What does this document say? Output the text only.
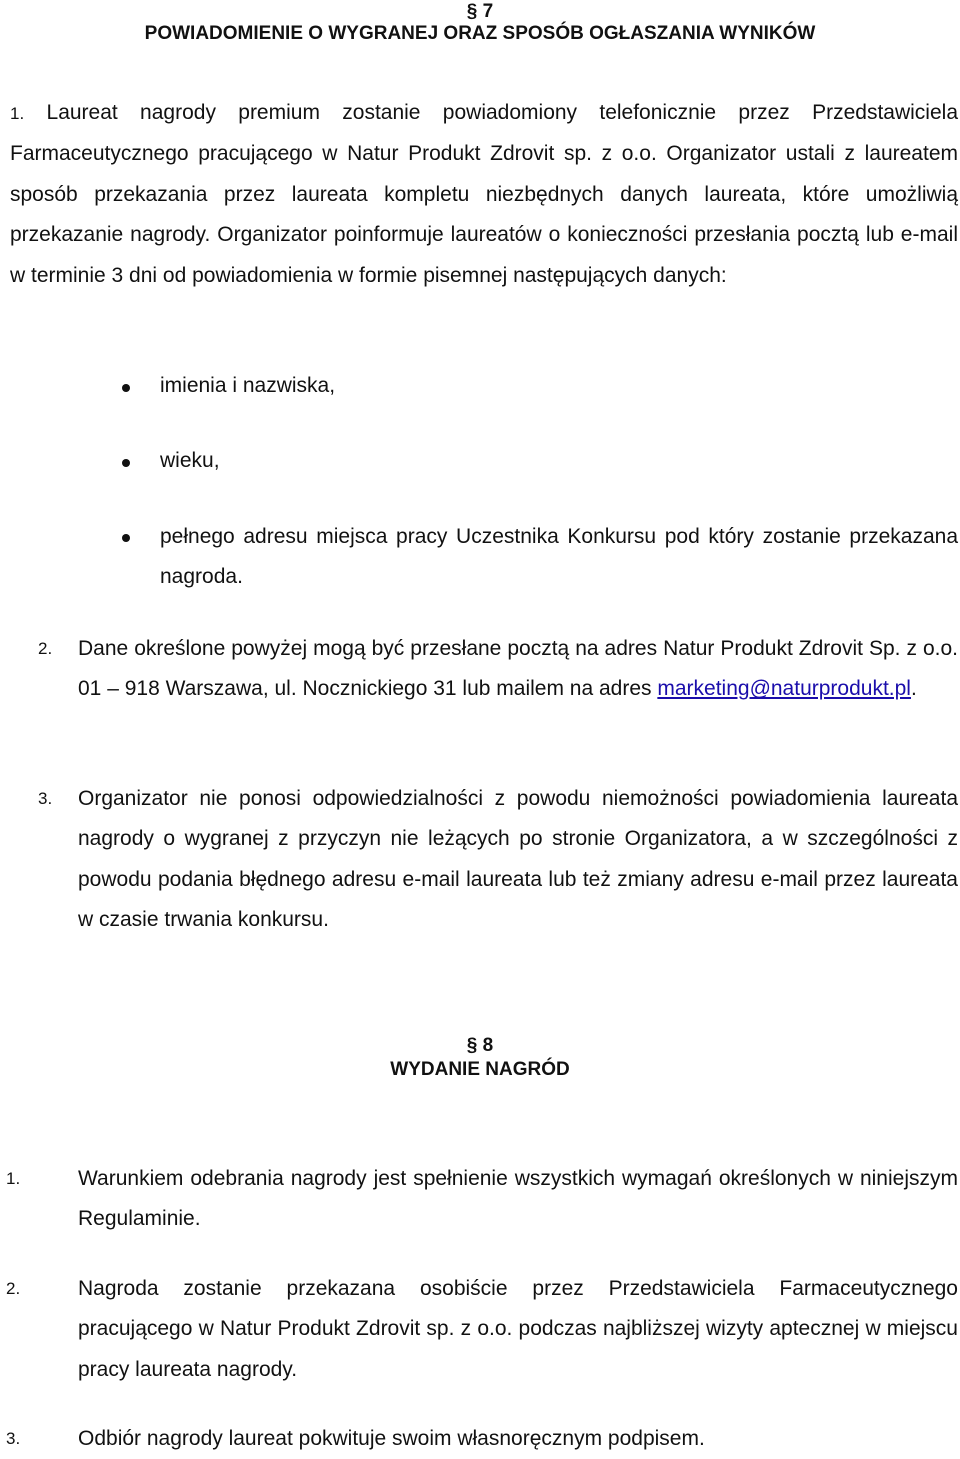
§ 7
POWIADOMIENIE O WYGRANEJ ORAZ SPOSÓB OGŁASZANIA WYNIKÓW
1. Laureat nagrody premium zostanie powiadomiony telefonicznie przez Przedstawiciela Farmaceutycznego pracującego w Natur Produkt Zdrovit sp. z o.o. Organizator ustali z laureatem sposób przekazania przez laureata kompletu niezbędnych danych laureata, które umożliwią przekazanie nagrody. Organizator poinformuje laureatów o konieczności przesłania pocztą lub e-mail w terminie 3 dni od powiadomienia w formie pisemnej następujących danych:
imienia i nazwiska,
wieku,
pełnego adresu miejsca pracy Uczestnika Konkursu pod który zostanie przekazana nagroda.
2. Dane określone powyżej mogą być przesłane pocztą na adres Natur Produkt Zdrovit Sp. z o.o. 01 – 918 Warszawa, ul. Nocznickiego 31 lub mailem na adres marketing@naturprodukt.pl.
3. Organizator nie ponosi odpowiedzialności z powodu niemożności powiadomienia laureata nagrody o wygranej z przyczyn nie leżących po stronie Organizatora, a w szczególności z powodu podania błędnego adresu e-mail laureata lub też zmiany adresu e-mail przez laureata w czasie trwania konkursu.
§ 8
WYDANIE NAGRÓD
1.	Warunkiem odebrania nagrody jest spełnienie wszystkich wymagań określonych w niniejszym Regulaminie.
2.	Nagroda zostanie przekazana osobiście przez Przedstawiciela Farmaceutycznego pracującego w Natur Produkt Zdrovit sp. z o.o. podczas najbliższej wizyty aptecznej w miejscu pracy laureata nagrody.
3.	Odbiór nagrody laureat pokwituje swoim własnoręcznym podpisem.
